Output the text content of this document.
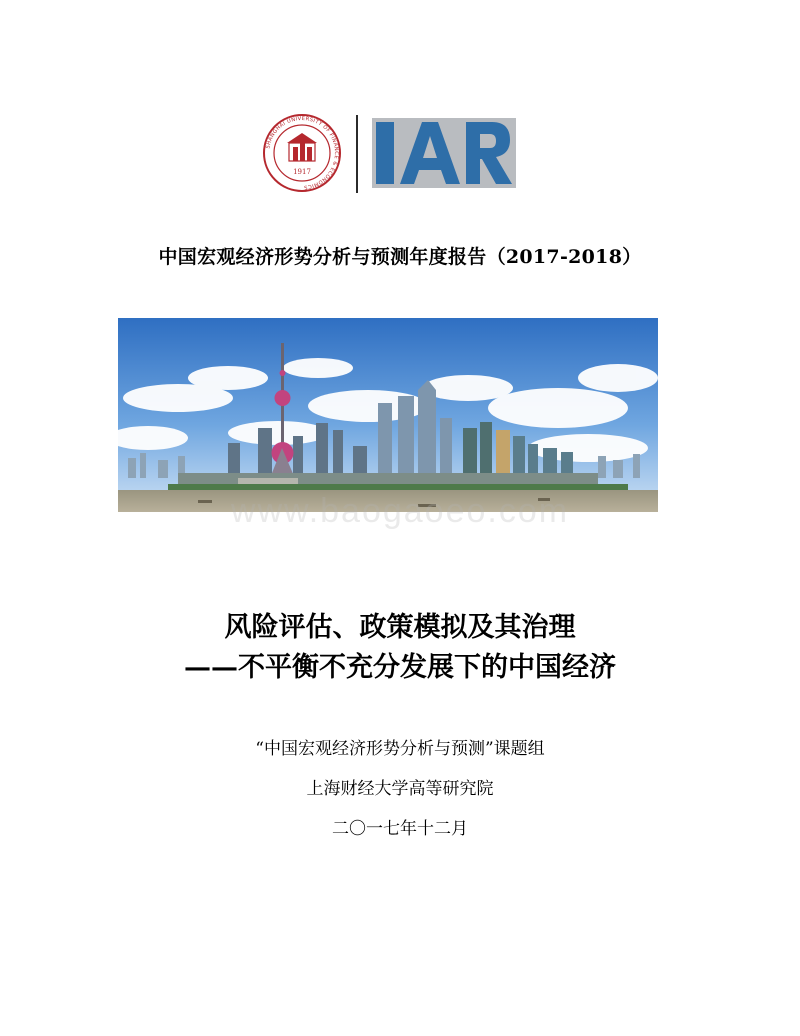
SHANGHAI UNIVERSITY OF FINANCE & ECONOMICS
1917
IAR
中国宏观经济形势分析与预测年度报告（2017-2018）
www.baogaoeo.com
风险评估、政策模拟及其治理
——不平衡不充分发展下的中国经济
“中国宏观经济形势分析与预测”课题组
上海财经大学高等研究院
二〇一七年十二月
